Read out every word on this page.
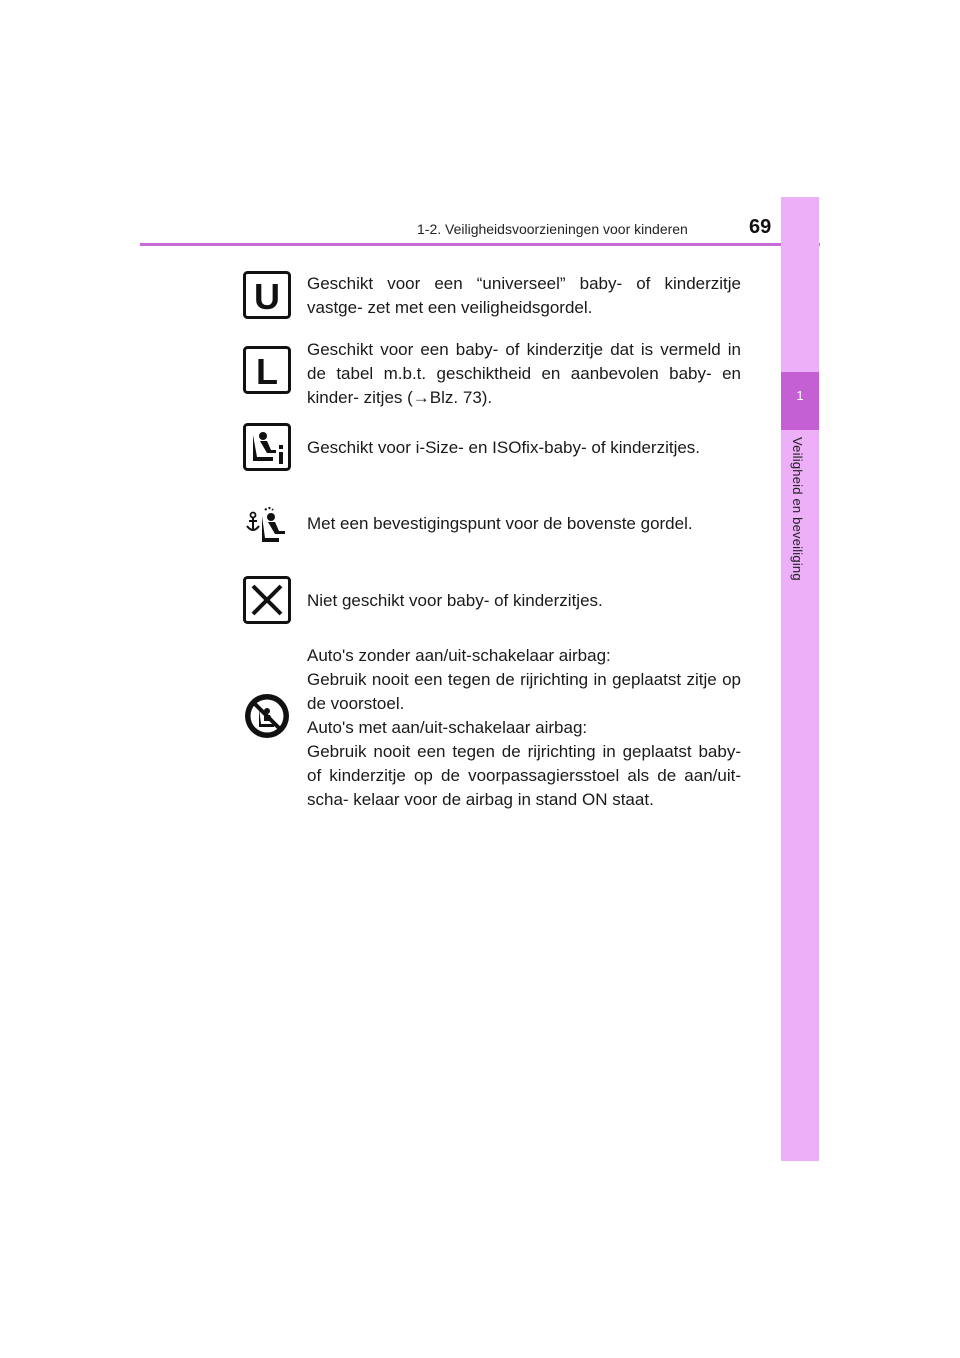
1-2. Veiligheidsvoorzieningen voor kinderen	69
1
Veiligheid en beveiliging
U Geschikt voor een “universeel” baby- of kinderzitje vastge- zet met een veiligheidsgordel.
L
Geschikt voor een baby- of kinderzitje dat is vermeld in de tabel m.b.t. geschiktheid en aanbevolen baby- en kinder- zitjes (→Blz. 73).
Geschikt voor i-Size- en ISOfix-baby- of kinderzitjes.
Met een bevestigingspunt voor de bovenste gordel.
Niet geschikt voor baby- of kinderzitjes.

Auto's zonder aan/uit-schakelaar airbag:

Gebruik nooit een tegen de rijrichting in geplaatst zitje op de voorstoel.

Auto's met aan/uit-schakelaar airbag:

Gebruik nooit een tegen de rijrichting in geplaatst baby- of kinderzitje op de voorpassagiersstoel als de aan/uit-scha- kelaar voor de airbag in stand ON staat.
